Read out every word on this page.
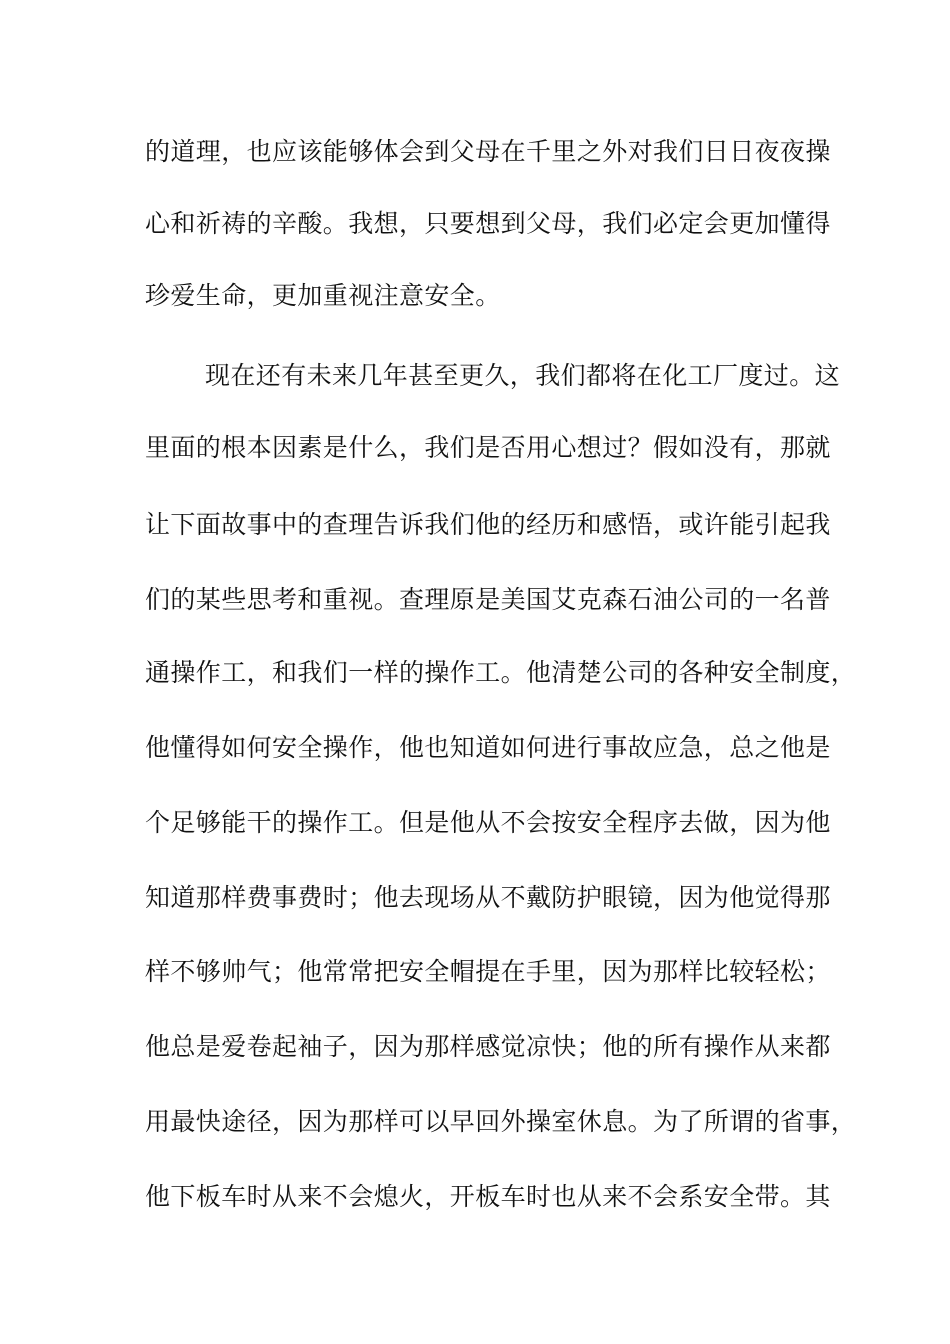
的道理，也应该能够体会到父母在千里之外对我们日日夜夜操
心和祈祷的辛酸。我想，只要想到父母，我们必定会更加懂得
珍爱生命，更加重视注意安全。
现在还有未来几年甚至更久，我们都将在化工厂度过。这
里面的根本因素是什么，我们是否用心想过？假如没有，那就
让下面故事中的查理告诉我们他的经历和感悟，或许能引起我
们的某些思考和重视。查理原是美国艾克森石油公司的一名普
通操作工，和我们一样的操作工。他清楚公司的各种安全制度，
他懂得如何安全操作，他也知道如何进行事故应急，总之他是
个足够能干的操作工。但是他从不会按安全程序去做，因为他
知道那样费事费时；他去现场从不戴防护眼镜，因为他觉得那
样不够帅气；他常常把安全帽提在手里，因为那样比较轻松；
他总是爱卷起袖子，因为那样感觉凉快；他的所有操作从来都
用最快途径，因为那样可以早回外操室休息。为了所谓的省事，
他下板车时从来不会熄火，开板车时也从来不会系安全带。其
